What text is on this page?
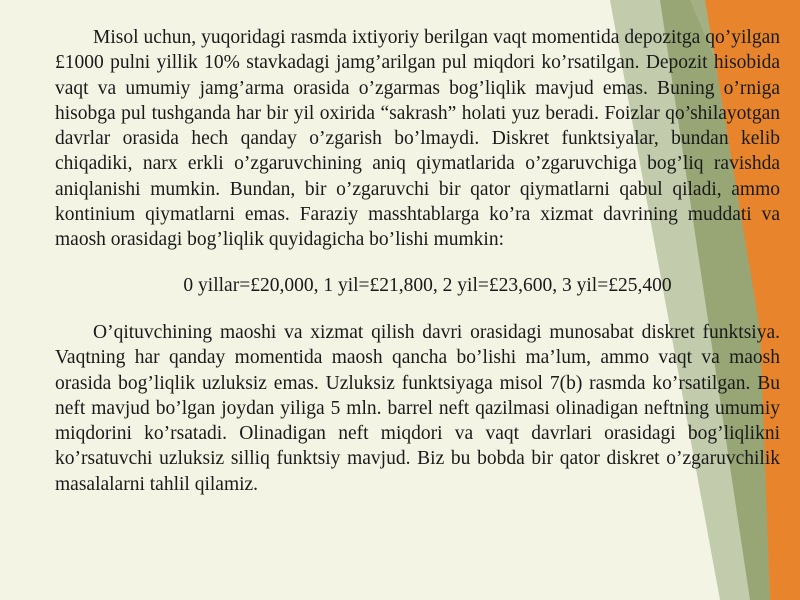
Misol uchun, yuqoridagi rasmda ixtiyoriy berilgan vaqt momentida depozitga qo’yilgan £1000 pulni yillik 10% stavkadagi jamg’arilgan pul miqdori ko’rsatilgan. Depozit hisobida vaqt va umumiy jamg’arma orasida o’zgarmas bog’liqlik mavjud emas. Buning o’rniga hisobga pul tushganda har bir yil oxirida “sakrash” holati yuz beradi. Foizlar qo’shilayotgan davrlar orasida hech qanday o’zgarish bo’lmaydi. Diskret funktsiyalar, bundan kelib chiqadiki, narx erkli o’zgaruvchining aniq qiymatlarida o’zgaruvchiga bog’liq ravishda aniqlanishi mumkin. Bundan, bir o’zgaruvchi bir qator qiymatlarni qabul qiladi, ammo kontinium qiymatlarni emas. Faraziy masshtablarga ko’ra xizmat davrining muddati va maosh orasidagi bog’liqlik quyidagicha bo’lishi mumkin:

0 yillar=£20,000, 1 yil=£21,800, 2 yil=£23,600, 3 yil=£25,400

O’qituvchining maoshi va xizmat qilish davri orasidagi munosabat diskret funktsiya. Vaqtning har qanday momentida maosh qancha bo’lishi ma’lum, ammo vaqt va maosh orasida bog’liqlik uzluksiz emas. Uzluksiz funktsiyaga misol 7(b) rasmda ko’rsatilgan. Bu neft mavjud bo’lgan joydan yiliga 5 mln. barrel neft qazilmasi olinadigan neftning umumiy miqdorini ko’rsatadi. Olinadigan neft miqdori va vaqt davrlari orasidagi bog’liqlikni ko’rsatuvchi uzluksiz silliq funktsiy mavjud. Biz bu bobda bir qator diskret o’zgaruvchilik masalalarni tahlil qilamiz.
